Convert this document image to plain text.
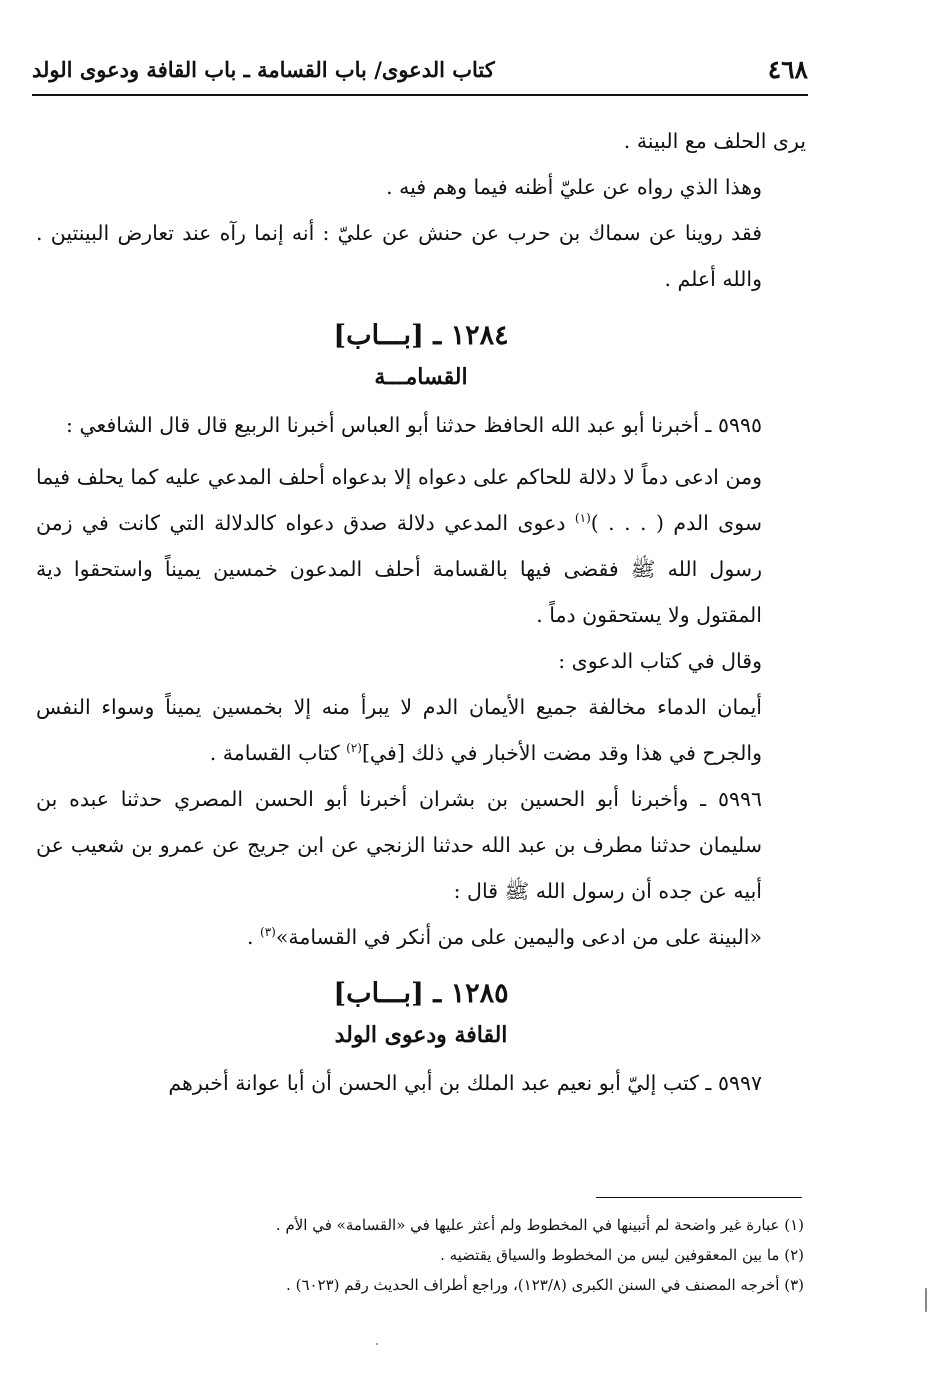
٤٦٨
كتاب الدعوى/ باب القسامة ـ باب القافة ودعوى الولد

يرى الحلف مع البينة .

وهذا الذي رواه عن عليّ أظنه فيما وهم فيه .

فقد روينا عن سماك بن حرب عن حنش عن عليّ : أنه إنما رآه عند تعارض البينتين . والله أعلم .

١٢٨٤ ـ [بـــاب]
القسامـــة

٥٩٩٥ ـ أخبرنا أبو عبد الله الحافظ حدثنا أبو العباس أخبرنا الربيع قال قال الشافعي :

ومن ادعى دماً لا دلالة للحاكم على دعواه إلا بدعواه أحلف المدعي عليه كما يحلف فيما سوى الدم ( . . . )$^{(١)}$ دعوى المدعي دلالة صدق دعواه كالدلالة التي كانت في زمن رسول الله ﷺ فقضى فيها بالقسامة أحلف المدعون خمسين يميناً واستحقوا دية المقتول ولا يستحقون دماً .

وقال في كتاب الدعوى :

أيمان الدماء مخالفة جميع الأيمان الدم لا يبرأ منه إلا بخمسين يميناً وسواء النفس والجرح في هذا وقد مضت الأخبار في ذلك [في]$^{(٢)}$ كتاب القسامة .

٥٩٩٦ ـ وأخبرنا أبو الحسين بن بشران أخبرنا أبو الحسن المصري حدثنا عبده بن سليمان حدثنا مطرف بن عبد الله حدثنا الزنجي عن ابن جريج عن عمرو بن شعيب عن أبيه عن جده أن رسول الله ﷺ قال :

«البينة على من ادعى واليمين على من أنكر في القسامة»$^{(٣)}$ .

١٢٨٥ ـ [بـــاب]
القافة ودعوى الولد

٥٩٩٧ ـ كتب إليّ أبو نعيم عبد الملك بن أبي الحسن أن أبا عوانة أخبرهم

(١) عبارة غير واضحة لم أتبينها في المخطوط ولم أعثر عليها في «القسامة» في الأم .

(٢) ما بين المعقوفين ليس من المخطوط والسياق يقتضيه .

(٣) أخرجه المصنف في السنن الكبرى (١٢٣/٨)، وراجع أطراف الحديث رقم (٦٠٢٣) .
